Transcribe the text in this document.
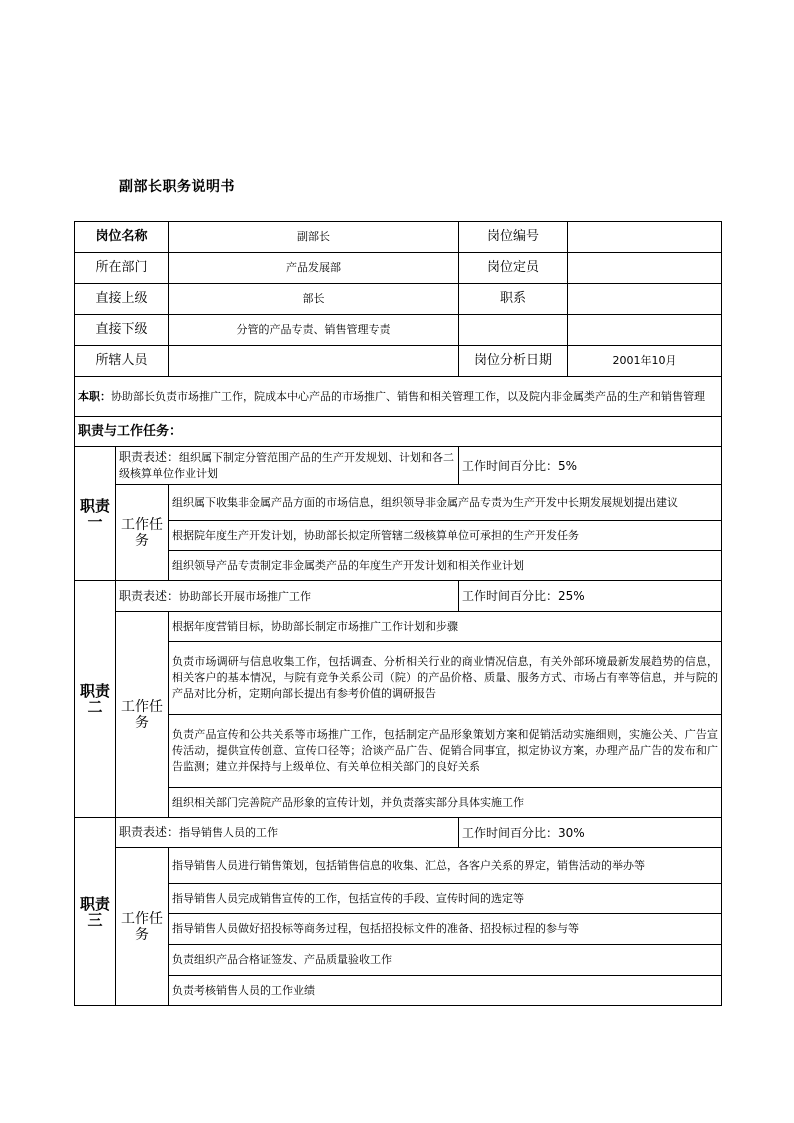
副部长职务说明书
岗位名称		副部长	岗位编号	
所在部门		产品发展部	岗位定员	
直接上级		部长	职系	
直接下级		分管的产品专责、销售管理专责		
所辖人员			岗位分析日期	2001年10月
本职：协助部长负责市场推广工作，院成本中心产品的市场推广、销售和相关管理工作，以及院内非金属类产品的生产和销售管理				
职责与工作任务：				
职责一	职责表述：组织属下制定分管范围产品的生产开发规划、计划和各二级核算单位作业计划		工作时间百分比：5%	
	工作任务	组织属下收集非金属产品方面的市场信息，组织领导非金属产品专责为生产开发中长期发展规划提出建议		
		根据院年度生产开发计划，协助部长拟定所管辖二级核算单位可承担的生产开发任务		
		组织领导产品专责制定非金属类产品的年度生产开发计划和相关作业计划		
职责二	职责表述：协助部长开展市场推广工作		工作时间百分比：25%	
	工作任务	根据年度营销目标，协助部长制定市场推广工作计划和步骤		
		负责市场调研与信息收集工作，包括调查、分析相关行业的商业情况信息，有关外部环境最新发展趋势的信息，相关客户的基本情况，与院有竞争关系公司（院）的产品价格、质量、服务方式、市场占有率等信息，并与院的产品对比分析，定期向部长提出有参考价值的调研报告		
		负责产品宣传和公共关系等市场推广工作，包括制定产品形象策划方案和促销活动实施细则，实施公关、广告宣传活动，提供宣传创意、宣传口径等；洽谈产品广告、促销合同事宜，拟定协议方案，办理产品广告的发布和广告监测；建立并保持与上级单位、有关单位相关部门的良好关系		
		组织相关部门完善院产品形象的宣传计划，并负责落实部分具体实施工作		
职责三	职责表述：指导销售人员的工作		工作时间百分比：30%	
	工作任务	指导销售人员进行销售策划，包括销售信息的收集、汇总，各客户关系的界定，销售活动的举办等		
		指导销售人员完成销售宣传的工作，包括宣传的手段、宣传时间的选定等		
		指导销售人员做好招投标等商务过程，包括招投标文件的准备、招投标过程的参与等		
		负责组织产品合格证签发、产品质量验收工作		
		负责考核销售人员的工作业绩		
